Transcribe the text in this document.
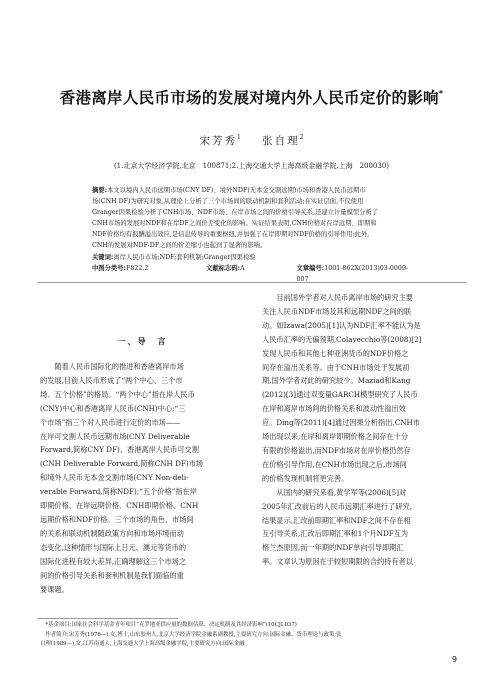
香港离岸人民币市场的发展对境内外人民币定价的影响*
宋芳秀$^1$ 张自理$^2$
(1.北京大学经济学院,北京　100871;2.上海交通大学上海高级金融学院,上海　200030)
摘要:本文以境内人民币远期市场(CNY DF)、境外NDF(无本金交割远期)市场和香港人民币远期市
场(CNH DF)为研究对象,从理论上分析了三个市场间的联动机制和套利活动;在实证层面,不仅使用
Granger因果检验分析了CNH市场、NDF市场、在岸市场之间的价格引导关系,还建立计量模型分析了
CNH市场的发展对NDF和在岸DF之间价差变化的影响。实证结果表明,CNH价格对在岸远期、即期和
NDF价格均有报酬溢出效应,是信息传导的重要枢纽,并加强了在岸即期对NDF价格的引导作用;此外,
CNH的发展对NDF-DF之间的价差缩小也起到了显著的影响。
关键词:离岸人民币市场;NDF;套利机制;Granger因果检验
中图分类号:F822.2	文献标志码:A	文章编号:1001-862X(2013)03-0009-007
一、导　言
　　随着人民币国际化的推进和香港离岸市场
的发展,目前人民币形成了“两个中心、三个市
场、五个价格”的格局。“两个中心”指在岸人民币
(CNY)中心和香港离岸人民币(CNH)中心;“三
个市场”指三个对人民币进行定价的市场——
在岸可交割人民币远期市场(CNY Deliverable
Forward,简称CNY DF)、香港离岸人民币可交割
(CNH Deliverable Forward,简称CNH DF)市场
和境外人民币无本金交割市场(CNY Non-deli-
verable Forward,简称NDF);“五个价格”指在岸
即期价格、在岸远期价格、CNH即期价格、CNH
远期价格和NDF价格。三个市场的角色、市场间
的关系和联动机制随政策方向和市场环境而动
态变化,这种情形与国际上日元、澳元等货币的
国际化进程有较大差异,正确理解这三个市场之
间的价格引导关系和套利机制是我们面临的重
要课题。
　　目前国外学者对人民币离岸市场的研究主要
关注人民币NDF市场及其和远期NDF之间的联
动。如Izawa(2005)[1]认为NDF汇率不能认为是
人民币汇率的无偏预期,Colavecchio等(2008)[2]
发现人民币和其他七种亚洲货币的NDF价格之
间存在溢出关系等。由于CNH市场处于发展初
期,国外学者对此的研究较少。Maziad和Kang
(2012)[3]通过双变量GARCH模型研究了人民币
在岸和离岸市场间的价格关系和波动性溢出效
应。Ding等(2011)[4]通过因果分析指出,CNH市
场出现以来,在岸和离岸即期价格之间存在十分
有限的价格溢出,而NDF市场对在岸价格仍然存
在价格引导作用,在CNH市场出现之后,市场间
的价格发现机制将更完善。
　　从国内的研究来看,黄学军等(2006)[5]对
2005年汇改前后的人民币远期汇率进行了研究,
结果显示,汇改前即期汇率和NDF之间不存在相
互引导关系,汇改后即期汇率和1个月NDF互为
格兰杰原因,而一年期的NDF单向引导即期汇
率。文章认为原因在于较短期限的合约持有者以
　*基金项目:国家社会科学基金青年项目“克罗地亚供应量的数据估算、决定机制及其经济影响”(10CJL037)
　作者简介:宋芳秀(1976—),女,博士,山东胶州人,北京大学经济学院金融系副教授,主要研究方向:国际金融、货币理论与政策;张
自理(1989—),女,江苏南通人,上海交通大学上海高级金融学院,主要研究方向:国际金融。
9
